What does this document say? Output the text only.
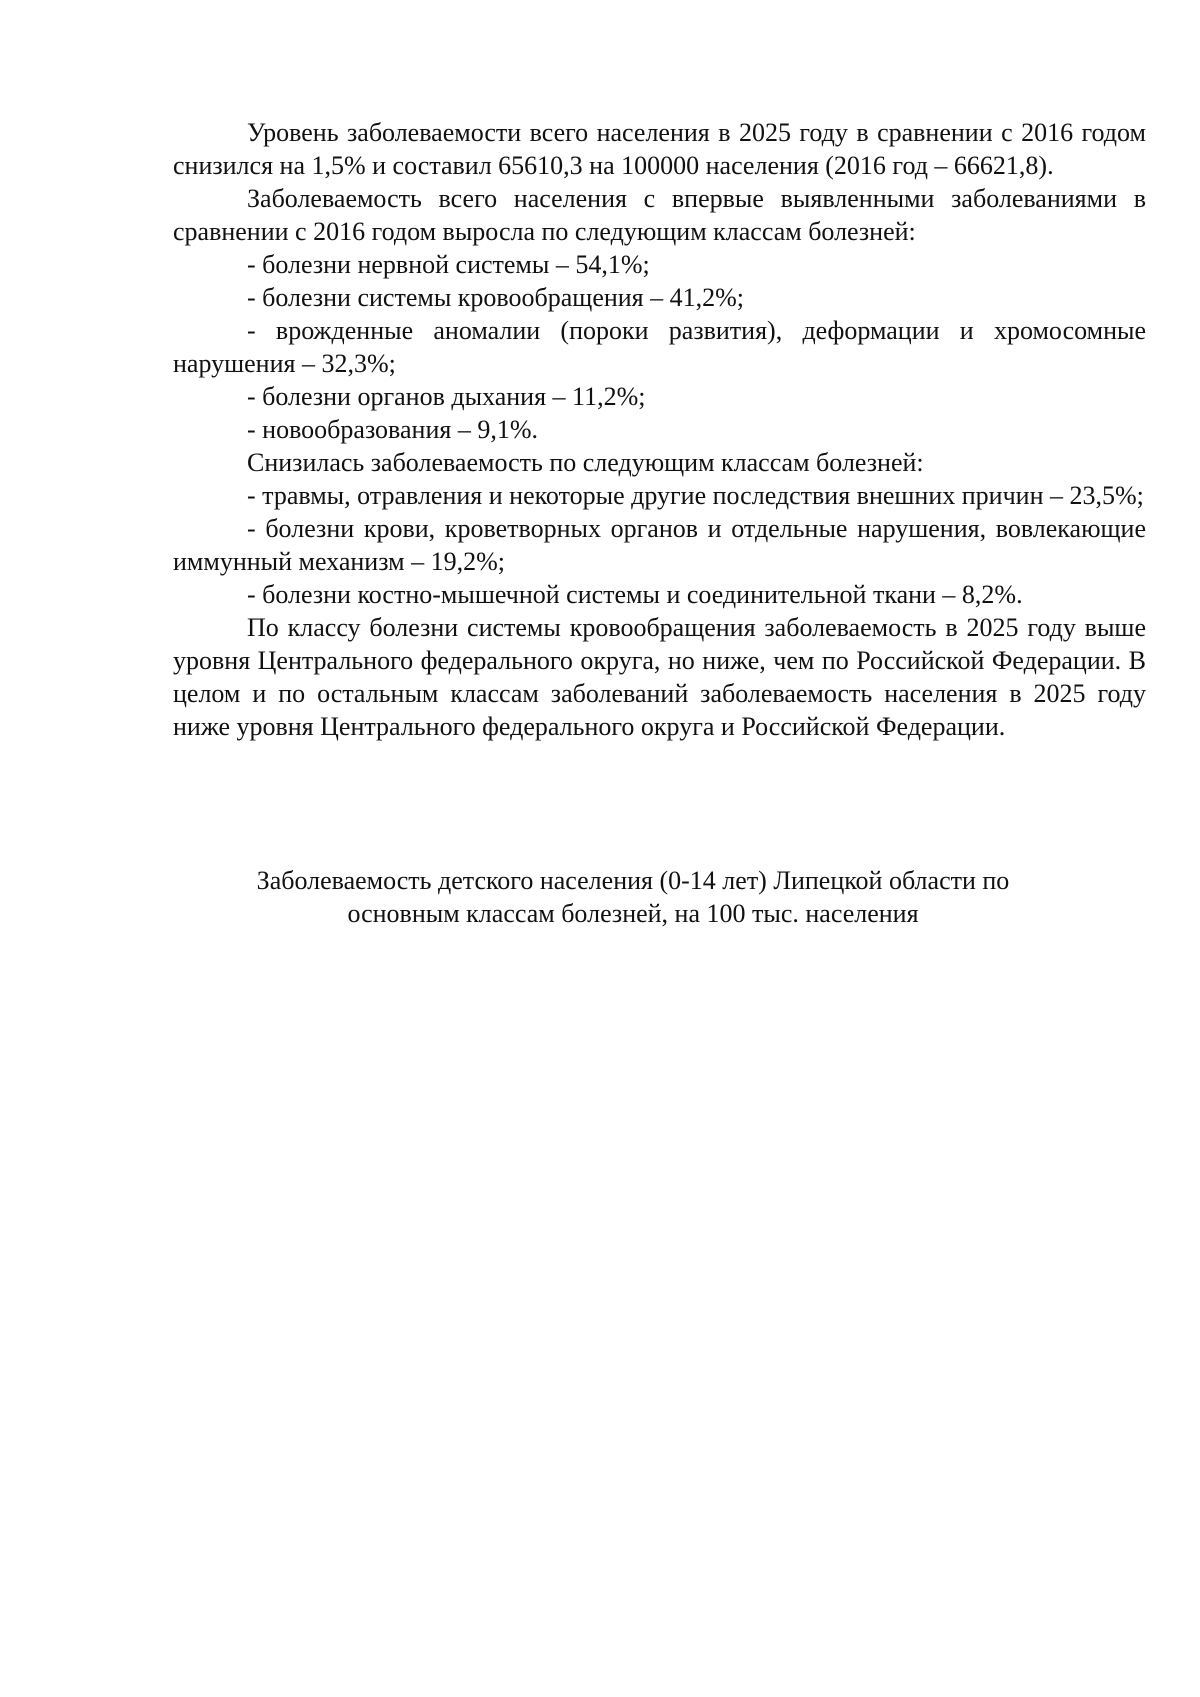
Уровень заболеваемости всего населения в 2025 году в сравнении с 2016 годом снизился на 1,5% и составил 65610,3 на 100000 населения (2016 год – 66621,8).

Заболеваемость всего населения с впервые выявленными заболеваниями в сравнении с 2016 годом выросла по следующим классам болезней:

- болезни нервной системы – 54,1%;

- болезни системы кровообращения – 41,2%;

- врожденные аномалии (пороки развития), деформации и хромосомные нарушения – 32,3%;

- болезни органов дыхания – 11,2%;

- новообразования – 9,1%.

Снизилась заболеваемость по следующим классам болезней:

- травмы, отравления и некоторые другие последствия внешних причин – 23,5%;

- болезни крови, кроветворных органов и отдельные нарушения, вовлекающие иммунный механизм – 19,2%;

- болезни костно-мышечной системы и соединительной ткани – 8,2%.

По классу болезни системы кровообращения заболеваемость в 2025 году выше уровня Центрального федерального округа, но ниже, чем по Российской Федерации. В целом и по остальным классам заболеваний заболеваемость населения в 2025 году ниже уровня Центрального федерального округа и Российской Федерации.

Заболеваемость детского населения (0-14 лет) Липецкой области по

основным классам болезней, на 100 тыс. населения
